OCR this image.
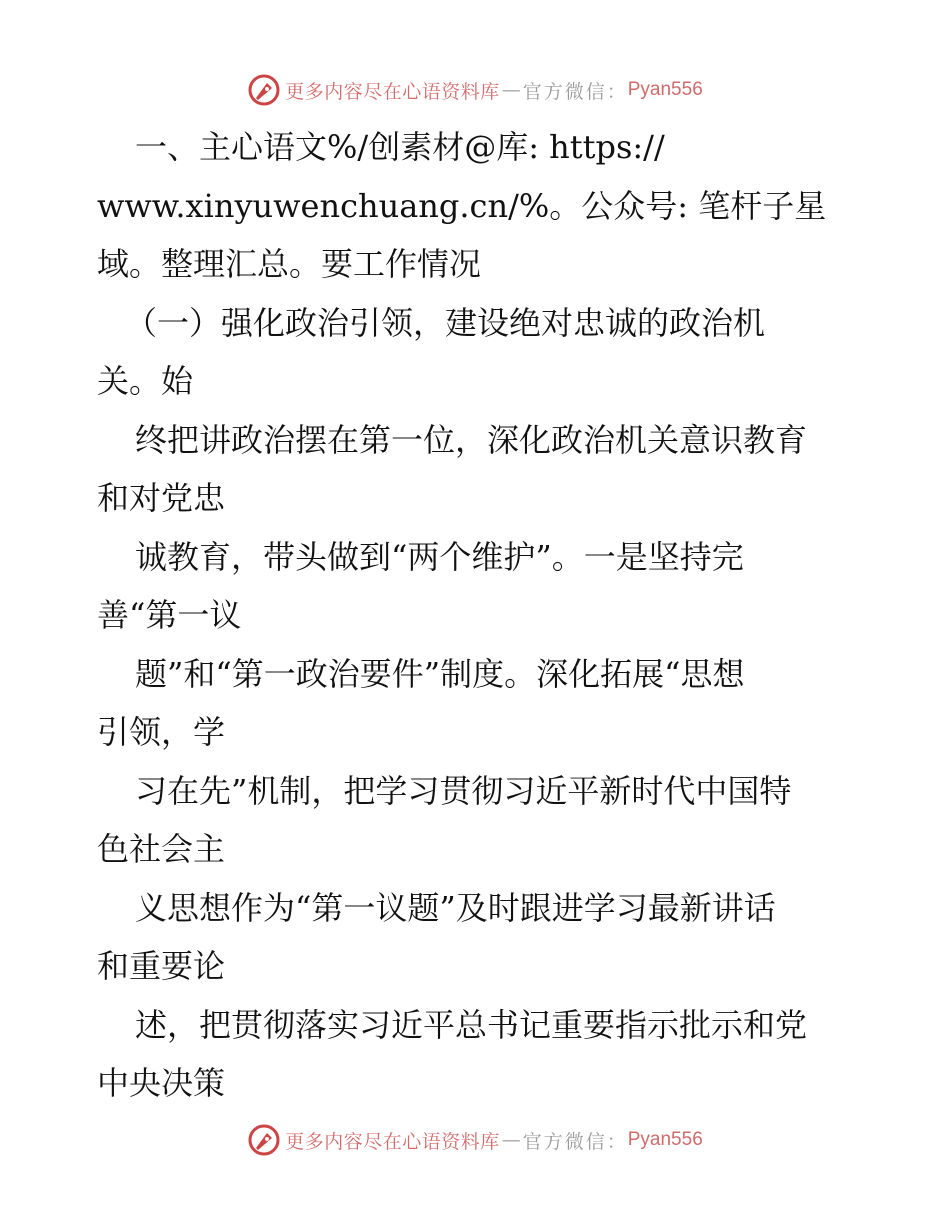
更多内容尽在心语资料库 — 官方微信： Pyan556
一、主心语文%/创素材@库: https://
www.xinyuwenchuang.cn/%。公众号: 笔杆子星
域。整理汇总。要工作情况
（一）强化政治引领，建设绝对忠诚的政治机
关。始
终把讲政治摆在第一位，深化政治机关意识教育
和对党忠
诚教育，带头做到“两个维护”。一是坚持完
善“第一议
题”和“第一政治要件”制度。深化拓展“思想
引领，学
习在先”机制，把学习贯彻习近平新时代中国特
色社会主
义思想作为“第一议题”及时跟进学习最新讲话
和重要论
述，把贯彻落实习近平总书记重要指示批示和党
中央决策
更多内容尽在心语资料库 — 官方微信： Pyan556
